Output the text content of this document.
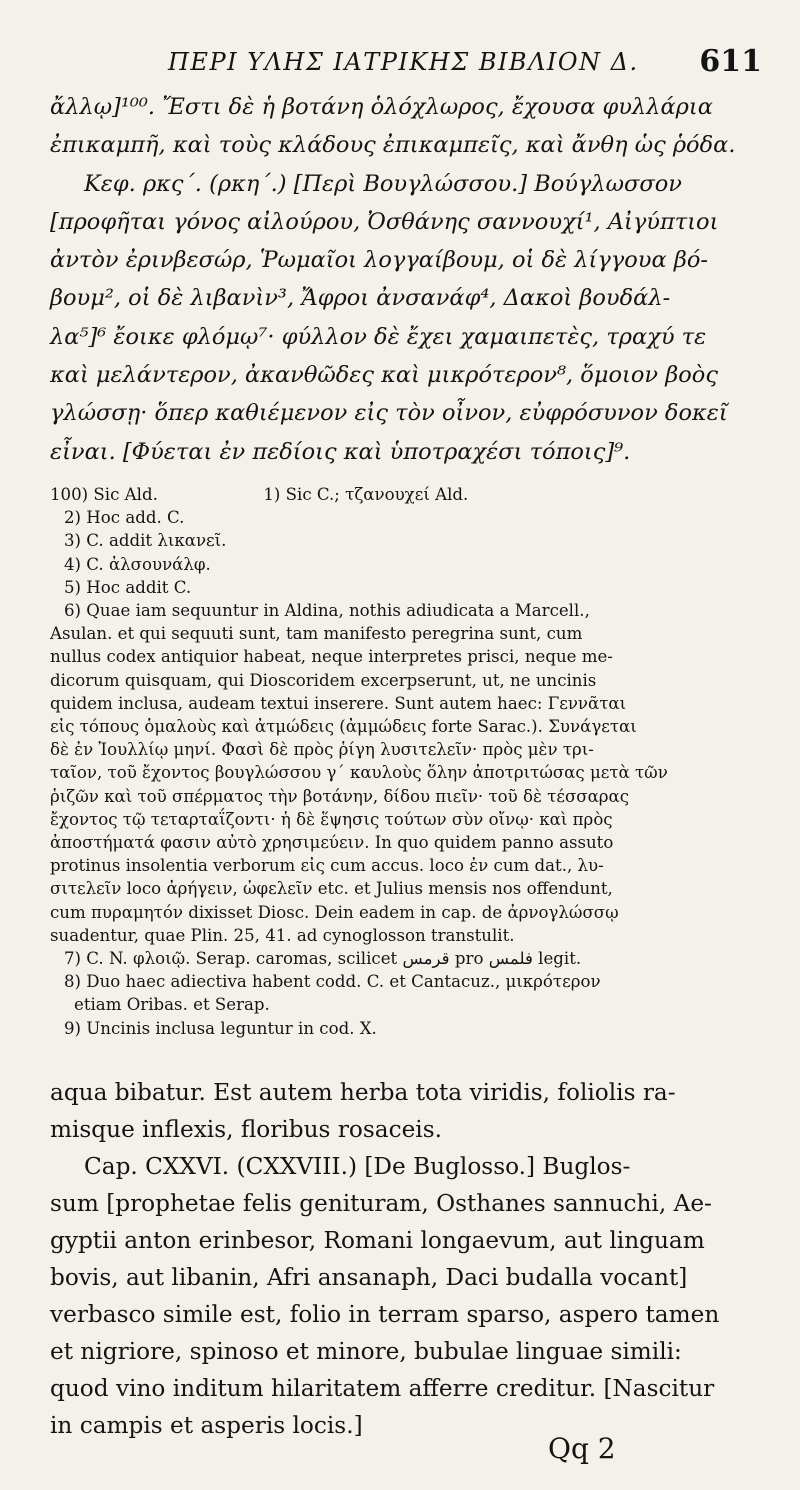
ΠΕΡΙ ΥΛΗΣ ΙΑΤΡΙΚΗΣ ΒΙΒΛΙΟΝ Δ. 611
ἄλλῳ]¹⁰⁰. Ἔστι δὲ ἡ βοτάνη ὁλόχλωρος, ἔχουσα φυλλάρια
ἐπικαμπῆ, καὶ τοὺς κλάδους ἐπικαμπεῖς, καὶ ἄνθη ὡς ῥόδα.
Κεφ. ρκς΄. (ρκη΄.) [Περὶ Βουγλώσσου.] Βούγλωσσον
[προφῆται γόνος αἰλούρου, Ὀσθάνης σαννουχί¹, Αἰγύπτιοι
ἀντὸν ἐρινβεσώρ, Ῥωμαῖοι λογγαίβουμ, οἱ δὲ λίγγουα βό-
βουμ², οἱ δὲ λιβανὶν³, Ἄφροι ἀνσανάφ⁴, Δακοὶ βουδάλ-
λα⁵]⁶ ἔοικε φλόμῳ⁷· φύλλον δὲ ἔχει χαμαιπετὲς, τραχύ τε
καὶ μελάντερον, ἀκανθῶδες καὶ μικρότερον⁸, ὅμοιον βοὸς
γλώσσῃ· ὅπερ καθιέμενον εἰς τὸν οἶνον, εὐφρόσυνον δοκεῖ
εἶναι. [Φύεται ἐν πεδίοις καὶ ὑποτραχέσι τόποις]⁹.
100) Sic Ald.                    1) Sic C.; τζανουχεί Ald.
2) Hoc add. C.
3) C. addit λικανεῖ.
4) C. ἀλσουνάλφ.
5) Hoc addit C.
6) Quae iam sequuntur in Aldina, nothis adiudicata a Marcell.,
Asulan. et qui sequuti sunt, tam manifesto peregrina sunt, cum
nullus codex antiquior habeat, neque interpretes prisci, neque me-
dicorum quisquam, qui Dioscoridem excerpserunt, ut, ne uncinis
quidem inclusa, audeam textui inserere. Sunt autem haec: Γεννᾶται
εἰς τόπους ὁμαλοὺς καὶ ἀτμώδεις (ἀμμώδεις forte Sarac.). Συνάγεται
δὲ ἐν Ἰουλλίῳ μηνί. Φασὶ δὲ πρὸς ῥίγη λυσιτελεῖν· πρὸς μὲν τρι-
ταῖον, τοῦ ἔχοντος βουγλώσσου γ΄ καυλοὺς ὅλην ἀποτριτώσας μετὰ τῶν
ῥιζῶν καὶ τοῦ σπέρματος τὴν βοτάνην, δίδου πιεῖν· τοῦ δὲ τέσσαρας
ἔχοντος τῷ τεταρταΐζοντι· ἡ δὲ ἕψησις τούτων σὺν οἴνῳ· καὶ πρὸς
ἀποστήματά φασιν αὐτὸ χρησιμεύειν. In quo quidem panno assuto
protinus insolentia verborum εἰς cum accus. loco ἐν cum dat., λυ-
σιτελεῖν loco ἀρήγειν, ὠφελεῖν etc. et Julius mensis nos offendunt,
cum πυραμητόν dixisset Diosc. Dein eadem in cap. de ἀρνογλώσσῳ
suadentur, quae Plin. 25, 41. ad cynoglosson transtulit.
7) C. N. φλοιῷ. Serap. caromas, scilicet قرمس pro فلمس legit.
8) Duo haec adiectiva habent codd. C. et Cantacuz., μικρότερον
etiam Oribas. et Serap.
9) Uncinis inclusa leguntur in cod. X.
aqua bibatur. Est autem herba tota viridis, foliolis ra-
misque inflexis, floribus rosaceis.
Cap. CXXVI. (CXXVIII.) [De Buglosso.] Buglos-
sum [prophetae felis genituram, Osthanes sannuchi, Ae-
gyptii anton erinbesor, Romani longaevum, aut linguam
bovis, aut libanin, Afri ansanaph, Daci budalla vocant]
verbasco simile est, folio in terram sparso, aspero tamen
et nigriore, spinoso et minore, bubulae linguae simili:
quod vino inditum hilaritatem afferre creditur. [Nascitur
in campis et asperis locis.]
Qq 2
